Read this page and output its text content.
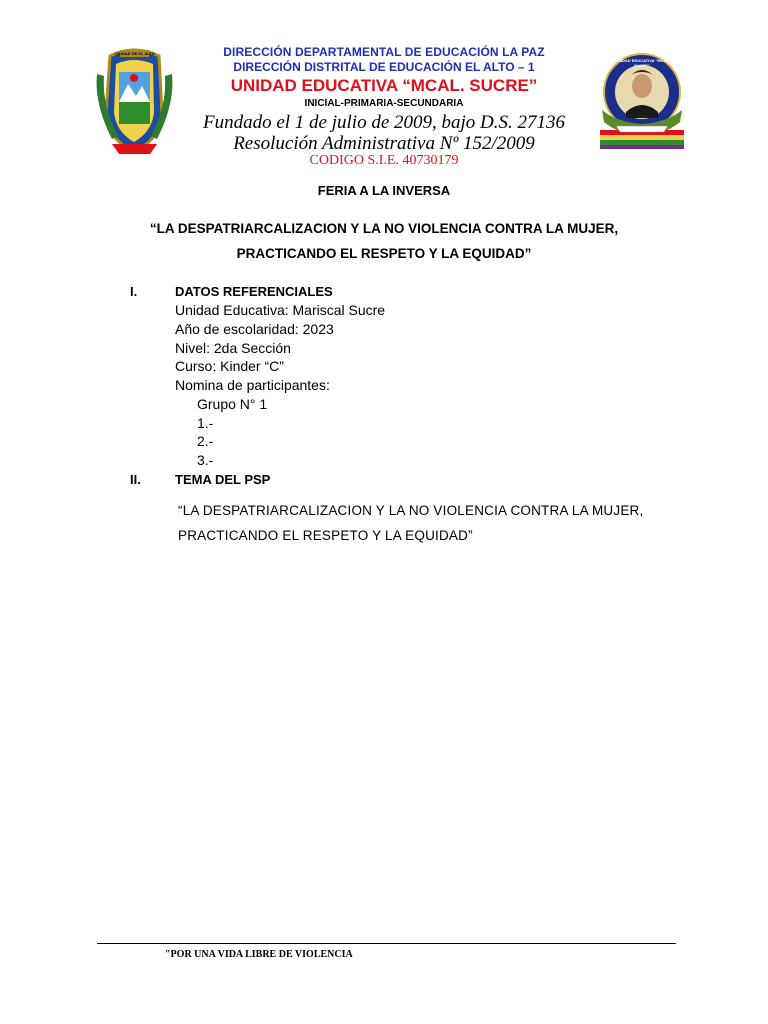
CIUDAD DE EL ALTO
UNIDAD EDUCATIVA "MCAL SUCRE"
DIRECCIÓN DEPARTAMENTAL DE EDUCACIÓN LA PAZ
DIRECCIÓN DISTRITAL DE EDUCACIÓN EL ALTO – 1
UNIDAD EDUCATIVA “MCAL. SUCRE”
INICIAL-PRIMARIA-SECUNDARIA
Fundado el 1 de julio de 2009, bajo D.S. 27136
Resolución Administrativa Nº 152/2009
CODIGO S.I.E. 40730179
FERIA A LA INVERSA
“LA DESPATRIARCALIZACION Y LA NO VIOLENCIA CONTRA LA MUJER,
PRACTICANDO EL RESPETO Y LA EQUIDAD”
I.	DATOS REFERENCIALES
Unidad Educativa: Mariscal Sucre
Año de escolaridad: 2023
Nivel: 2da Sección
Curso: Kinder “C”
Nomina de participantes:
Grupo N° 1
1.-
2.-
3.-
II.	TEMA DEL PSP
“LA DESPATRIARCALIZACION Y LA NO VIOLENCIA CONTRA LA MUJER,
PRACTICANDO EL RESPETO Y LA EQUIDAD”
"POR UNA VIDA LIBRE DE VIOLENCIA
